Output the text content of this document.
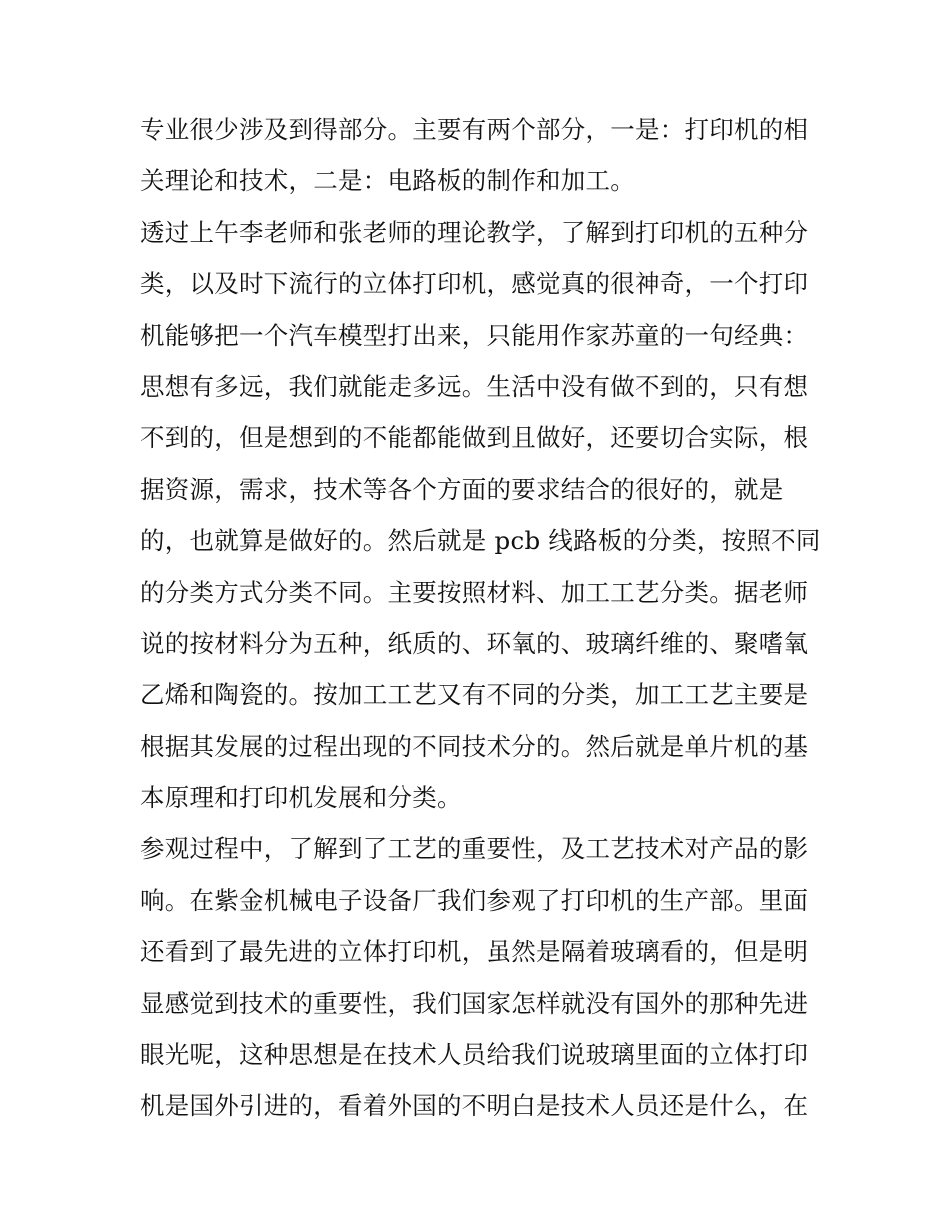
专业很少涉及到得部分。主要有两个部分，一是：打印机的相
关理论和技术，二是：电路板的制作和加工。
透过上午李老师和张老师的理论教学，了解到打印机的五种分
类，以及时下流行的立体打印机，感觉真的很神奇，一个打印
机能够把一个汽车模型打出来，只能用作家苏童的一句经典：
思想有多远，我们就能走多远。生活中没有做不到的，只有想
不到的，但是想到的不能都能做到且做好，还要切合实际，根
据资源，需求，技术等各个方面的要求结合的很好的，就是
的，也就算是做好的。然后就是 pcb 线路板的分类，按照不同
的分类方式分类不同。主要按照材料、加工工艺分类。据老师
说的按材料分为五种，纸质的、环氧的、玻璃纤维的、聚嗜氧
乙烯和陶瓷的。按加工工艺又有不同的分类，加工工艺主要是
根据其发展的过程出现的不同技术分的。然后就是单片机的基
本原理和打印机发展和分类。
参观过程中，了解到了工艺的重要性，及工艺技术对产品的影
响。在紫金机械电子设备厂我们参观了打印机的生产部。里面
还看到了最先进的立体打印机，虽然是隔着玻璃看的，但是明
显感觉到技术的重要性，我们国家怎样就没有国外的那种先进
眼光呢，这种思想是在技术人员给我们说玻璃里面的立体打印
机是国外引进的，看着外国的不明白是技术人员还是什么，在
